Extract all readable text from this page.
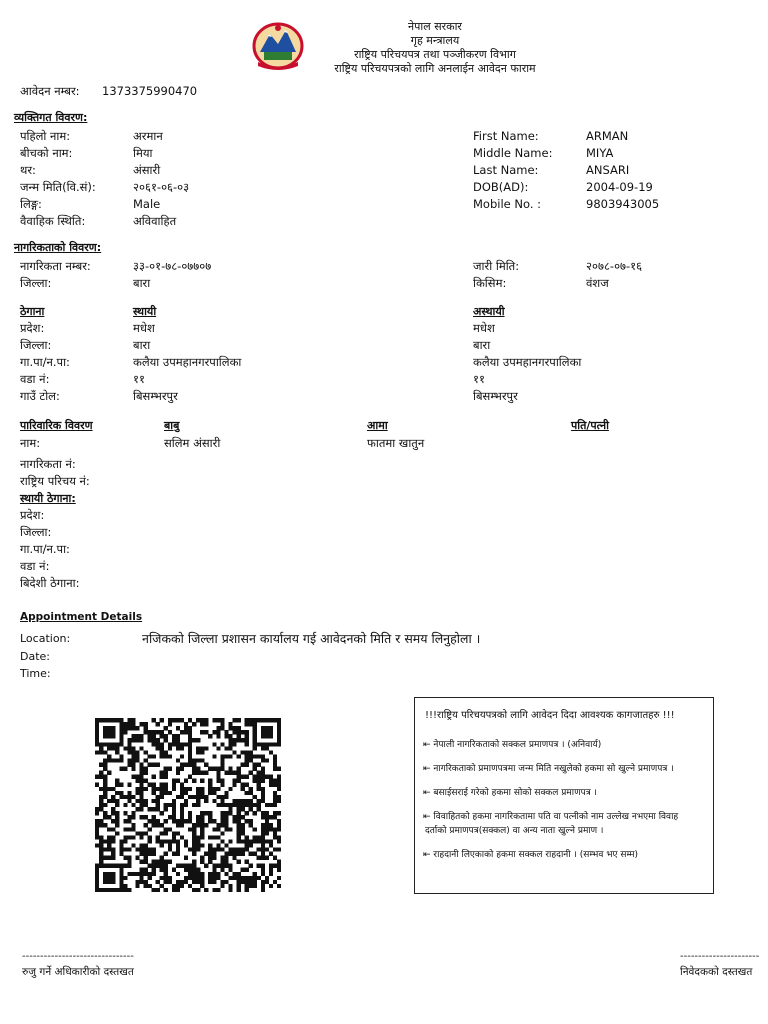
नेपाल सरकार
गृह मन्त्रालय
राष्ट्रिय परिचयपत्र तथा पञ्जीकरण विभाग
राष्ट्रिय परिचयपत्रको लागि अनलाईन आवेदन फाराम
आवेदन नम्बर: 1373375990470
व्यक्तिगत विवरण:
पहिलो नाम:	अरमान
बीचको नाम:	मिया
थर:	अंसारी
जन्म मिति(वि.सं):	२०६१-०६-०३
लिङ्ग:	Male
वैवाहिक स्थिति:	अविवाहित
First Name:	ARMAN
Middle Name:	MIYA
Last Name:	ANSARI
DOB(AD):	2004-09-19
Mobile No. :	9803943005
नागरिकताको विवरण:
नागरिकता नम्बर:	३३-०१-७८-०७७०७
जिल्ला:	बारा
जारी मिति:	२०७८-०७-१६
किसिम:	वंशज
ठेगाना	स्थायी	अस्थायी
प्रदेश:	मधेश	मधेश
जिल्ला:	बारा	बारा
गा.पा/न.पा:	कलैया उपमहानगरपालिका	कलैया उपमहानगरपालिका
वडा नं:	११	११
गाउँ टोल:	बिसम्भरपुर	बिसम्भरपुर
पारिवारिक विवरण	बाबु	आमा	पति/पत्नी
नाम:	सलिम अंसारी	फातमा खातुन
नागरिकता नं:
राष्ट्रिय परिचय नं:
स्थायी ठेगाना:
प्रदेश:
जिल्ला:
गा.पा/न.पा:
वडा नं:
बिदेशी ठेगाना:
Appointment Details
Location:	नजिकको जिल्ला प्रशासन कार्यालय गई आवेदनको मिति र समय लिनुहोला ।
Date:
Time:
!!!राष्ट्रिय परिचयपत्रको लागि आवेदन दिदा आवश्यक कागजातहरु !!!
⇤ नेपाली नागरिकताको सक्कल प्रमाणपत्र । (अनिवार्य)
⇤ नागरिकताको प्रमाणपत्रमा जन्म मिति नखुलेको हकमा सो खुल्ने प्रमाणपत्र ।
⇤ बसाईसराई गरेको हकमा सोको सक्कल प्रमाणपत्र ।
⇤ विवाहितको हकमा नागरिकतामा पति वा पत्नीको नाम उल्लेख नभएमा विवाह
दर्ताको प्रमाणपत्र(सक्कल) वा अन्य नाता खुल्ने प्रमाण ।
⇤ राहदानी लिएकाको हकमा सक्कल राहदानी । (सम्भव भए सम्म)
-------------------------------
रुजु गर्ने अधिकारीको दस्तखत
----------------------
निवेदकको दस्तखत
